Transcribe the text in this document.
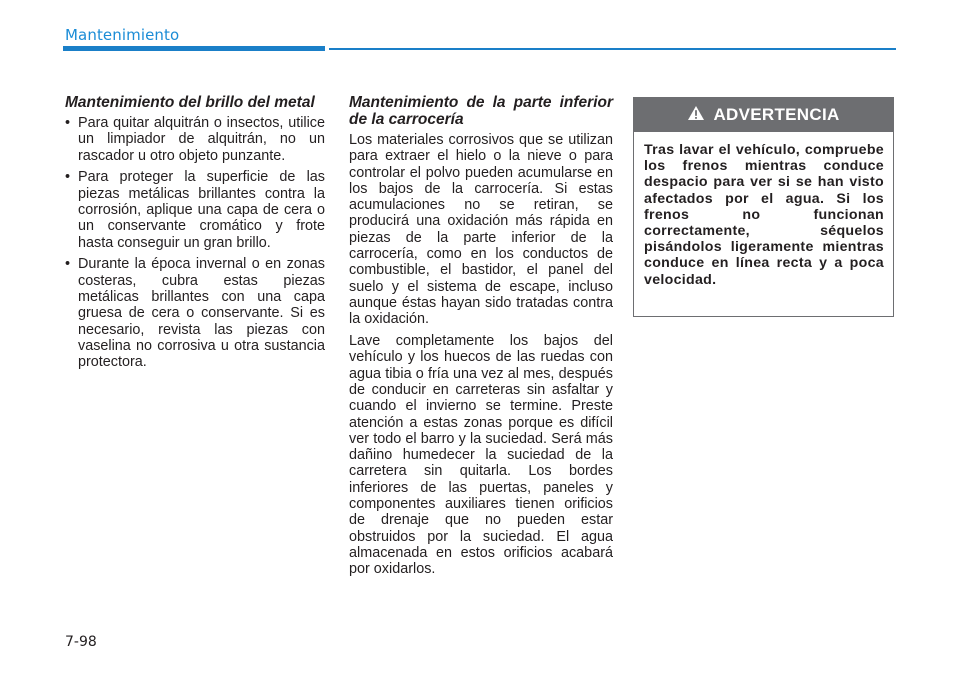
Mantenimiento
Mantenimiento del brillo del metal
• Para quitar alquitrán o insectos, utilice un limpiador de alquitrán, no un rascador u otro objeto punzante.
• Para proteger la superficie de las piezas metálicas brillantes contra la corrosión, aplique una capa de cera o un conservante cromático y frote hasta conseguir un gran brillo.
• Durante la época invernal o en zonas costeras, cubra estas piezas metálicas brillantes con una capa gruesa de cera o conservante. Si es necesario, revista las piezas con vaselina no corrosiva u otra sustancia protectora.
Mantenimiento de la parte inferior de la carrocería

Los materiales corrosivos que se utilizan para extraer el hielo o la nieve o para controlar el polvo pueden acumularse en los bajos de la carrocería. Si estas acumulaciones no se retiran, se producirá una oxidación más rápida en piezas de la parte inferior de la carrocería, como en los conductos de combustible, el bastidor, el panel del suelo y el sistema de escape, incluso aunque éstas hayan sido tratadas contra la oxidación.

Lave completamente los bajos del vehículo y los huecos de las ruedas con agua tibia o fría una vez al mes, después de conducir en carreteras sin asfaltar y cuando el invierno se termine. Preste atención a estas zonas porque es difícil ver todo el barro y la suciedad. Será más dañino humedecer la suciedad de la carretera sin quitarla. Los bordes inferiores de las puertas, paneles y componentes auxiliares tienen orificios de drenaje que no pueden estar obstruidos por la suciedad. El agua almacenada en estos orificios acabará por oxidarlos.

ADVERTENCIA
Tras lavar el vehículo, compruebe los frenos mientras conduce despacio para ver si se han visto afectados por el agua. Si los frenos no funcionan correctamente, séquelos pisándolos ligeramente mientras conduce en línea recta y a poca velocidad.
7-98
